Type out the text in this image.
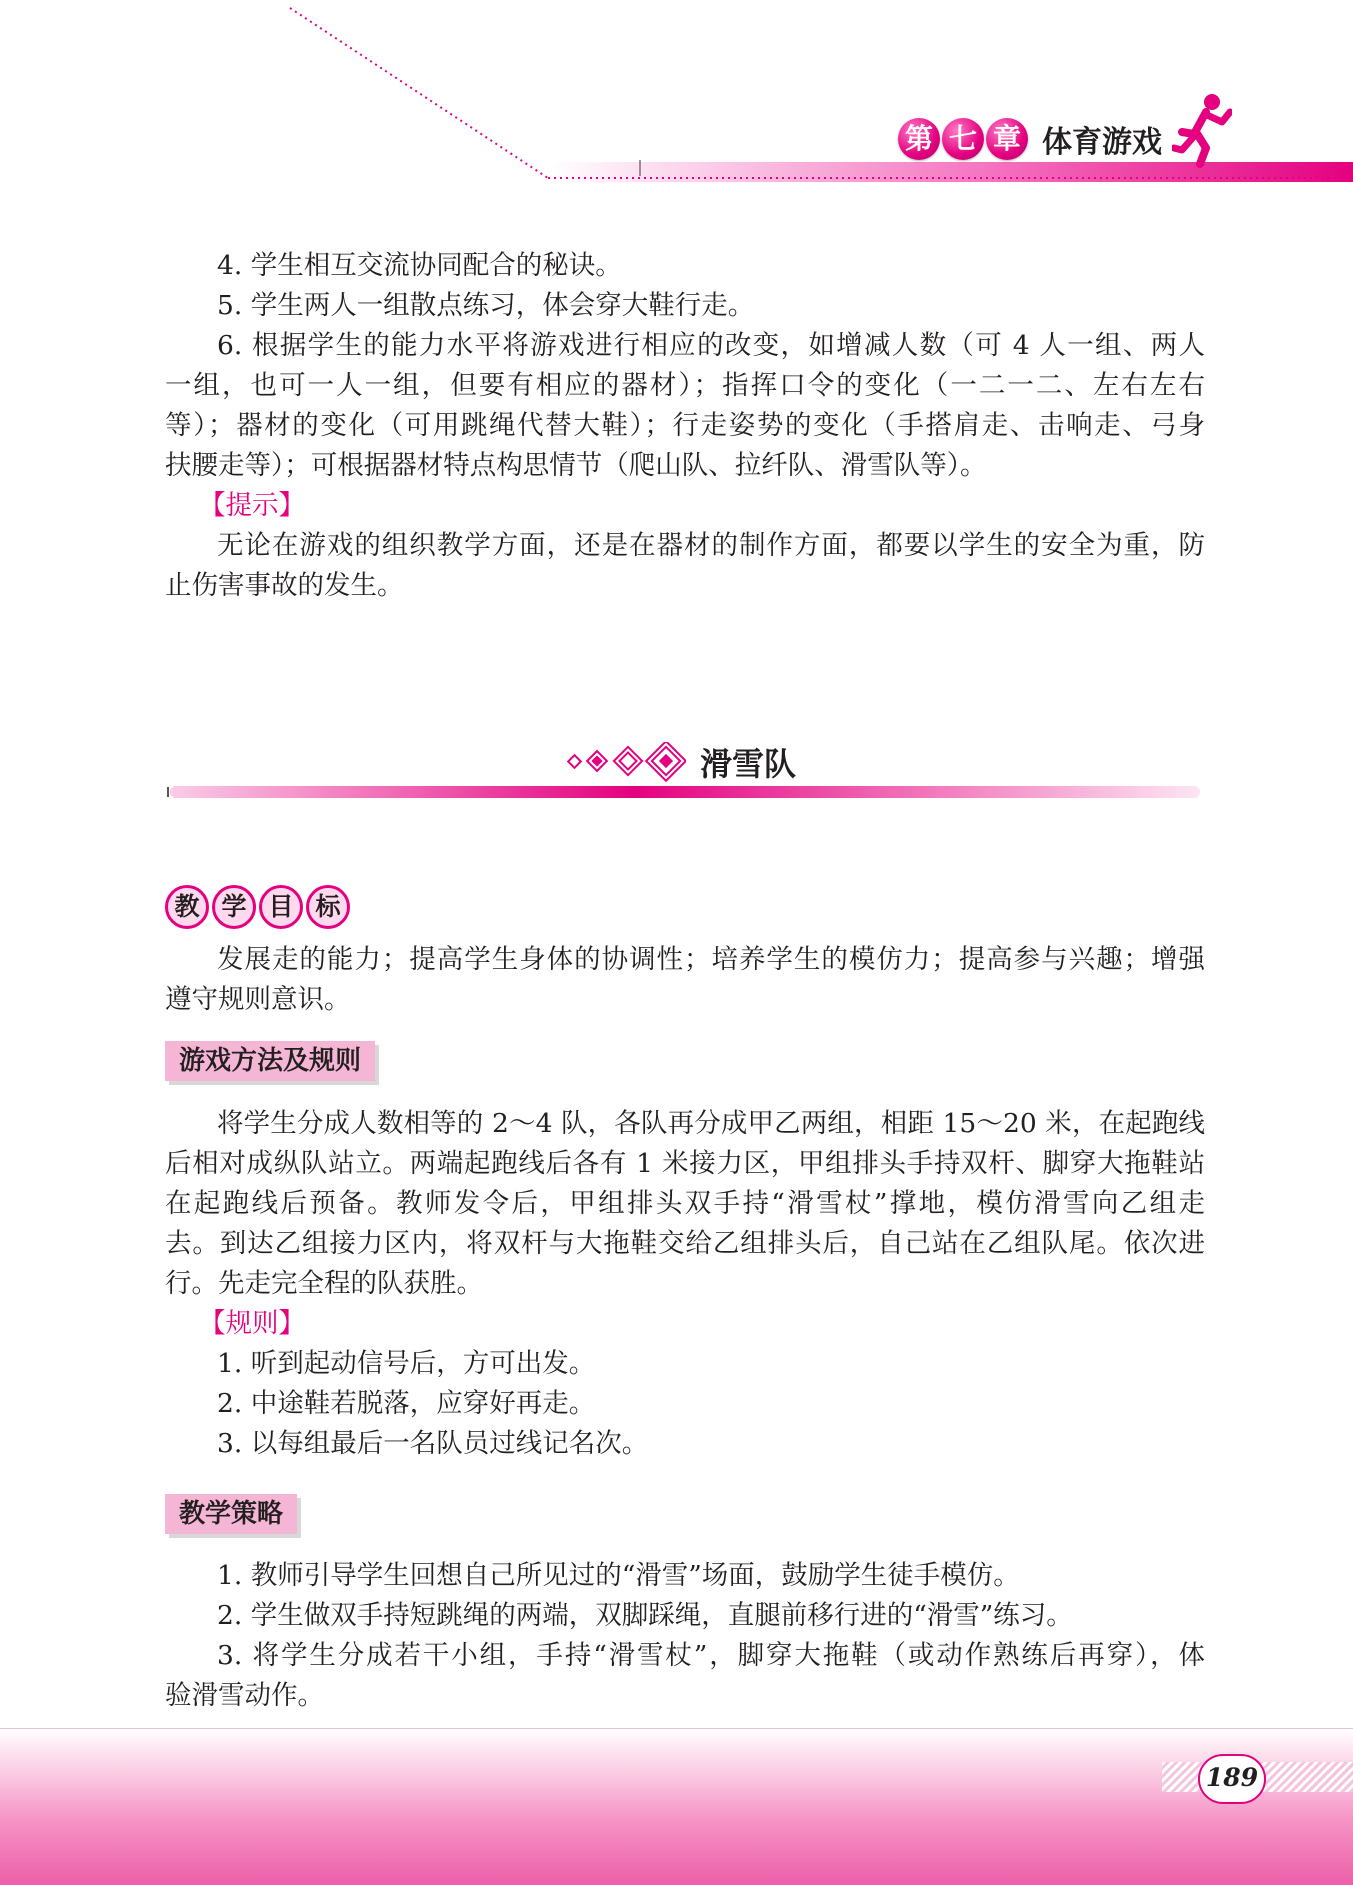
第 七 章 体育游戏
4. 学生相互交流协同配合的秘诀。
5. 学生两人一组散点练习，体会穿大鞋行走。
6. 根据学生的能力水平将游戏进行相应的改变，如增减人数（可 4 人一组、两人
一组，也可一人一组，但要有相应的器材）；指挥口令的变化（一二一二、左右左右
等）；器材的变化（可用跳绳代替大鞋）；行走姿势的变化（手搭肩走、击响走、弓身
扶腰走等）；可根据器材特点构思情节（爬山队、拉纤队、滑雪队等）。
【提示】
无论在游戏的组织教学方面，还是在器材的制作方面，都要以学生的安全为重，防
止伤害事故的发生。
滑雪队
教 学 目 标
发展走的能力；提高学生身体的协调性；培养学生的模仿力；提高参与兴趣；增强
遵守规则意识。
游戏方法及规则
将学生分成人数相等的 2～4 队，各队再分成甲乙两组，相距 15～20 米，在起跑线
后相对成纵队站立。两端起跑线后各有 1 米接力区，甲组排头手持双杆、脚穿大拖鞋站
在起跑线后预备。教师发令后，甲组排头双手持“滑雪杖”撑地，模仿滑雪向乙组走
去。到达乙组接力区内，将双杆与大拖鞋交给乙组排头后，自己站在乙组队尾。依次进
行。先走完全程的队获胜。
【规则】
1. 听到起动信号后，方可出发。
2. 中途鞋若脱落，应穿好再走。
3. 以每组最后一名队员过线记名次。
教学策略
1. 教师引导学生回想自己所见过的“滑雪”场面，鼓励学生徒手模仿。
2. 学生做双手持短跳绳的两端，双脚踩绳，直腿前移行进的“滑雪”练习。
3. 将学生分成若干小组，手持“滑雪杖”，脚穿大拖鞋（或动作熟练后再穿），体
验滑雪动作。
189
